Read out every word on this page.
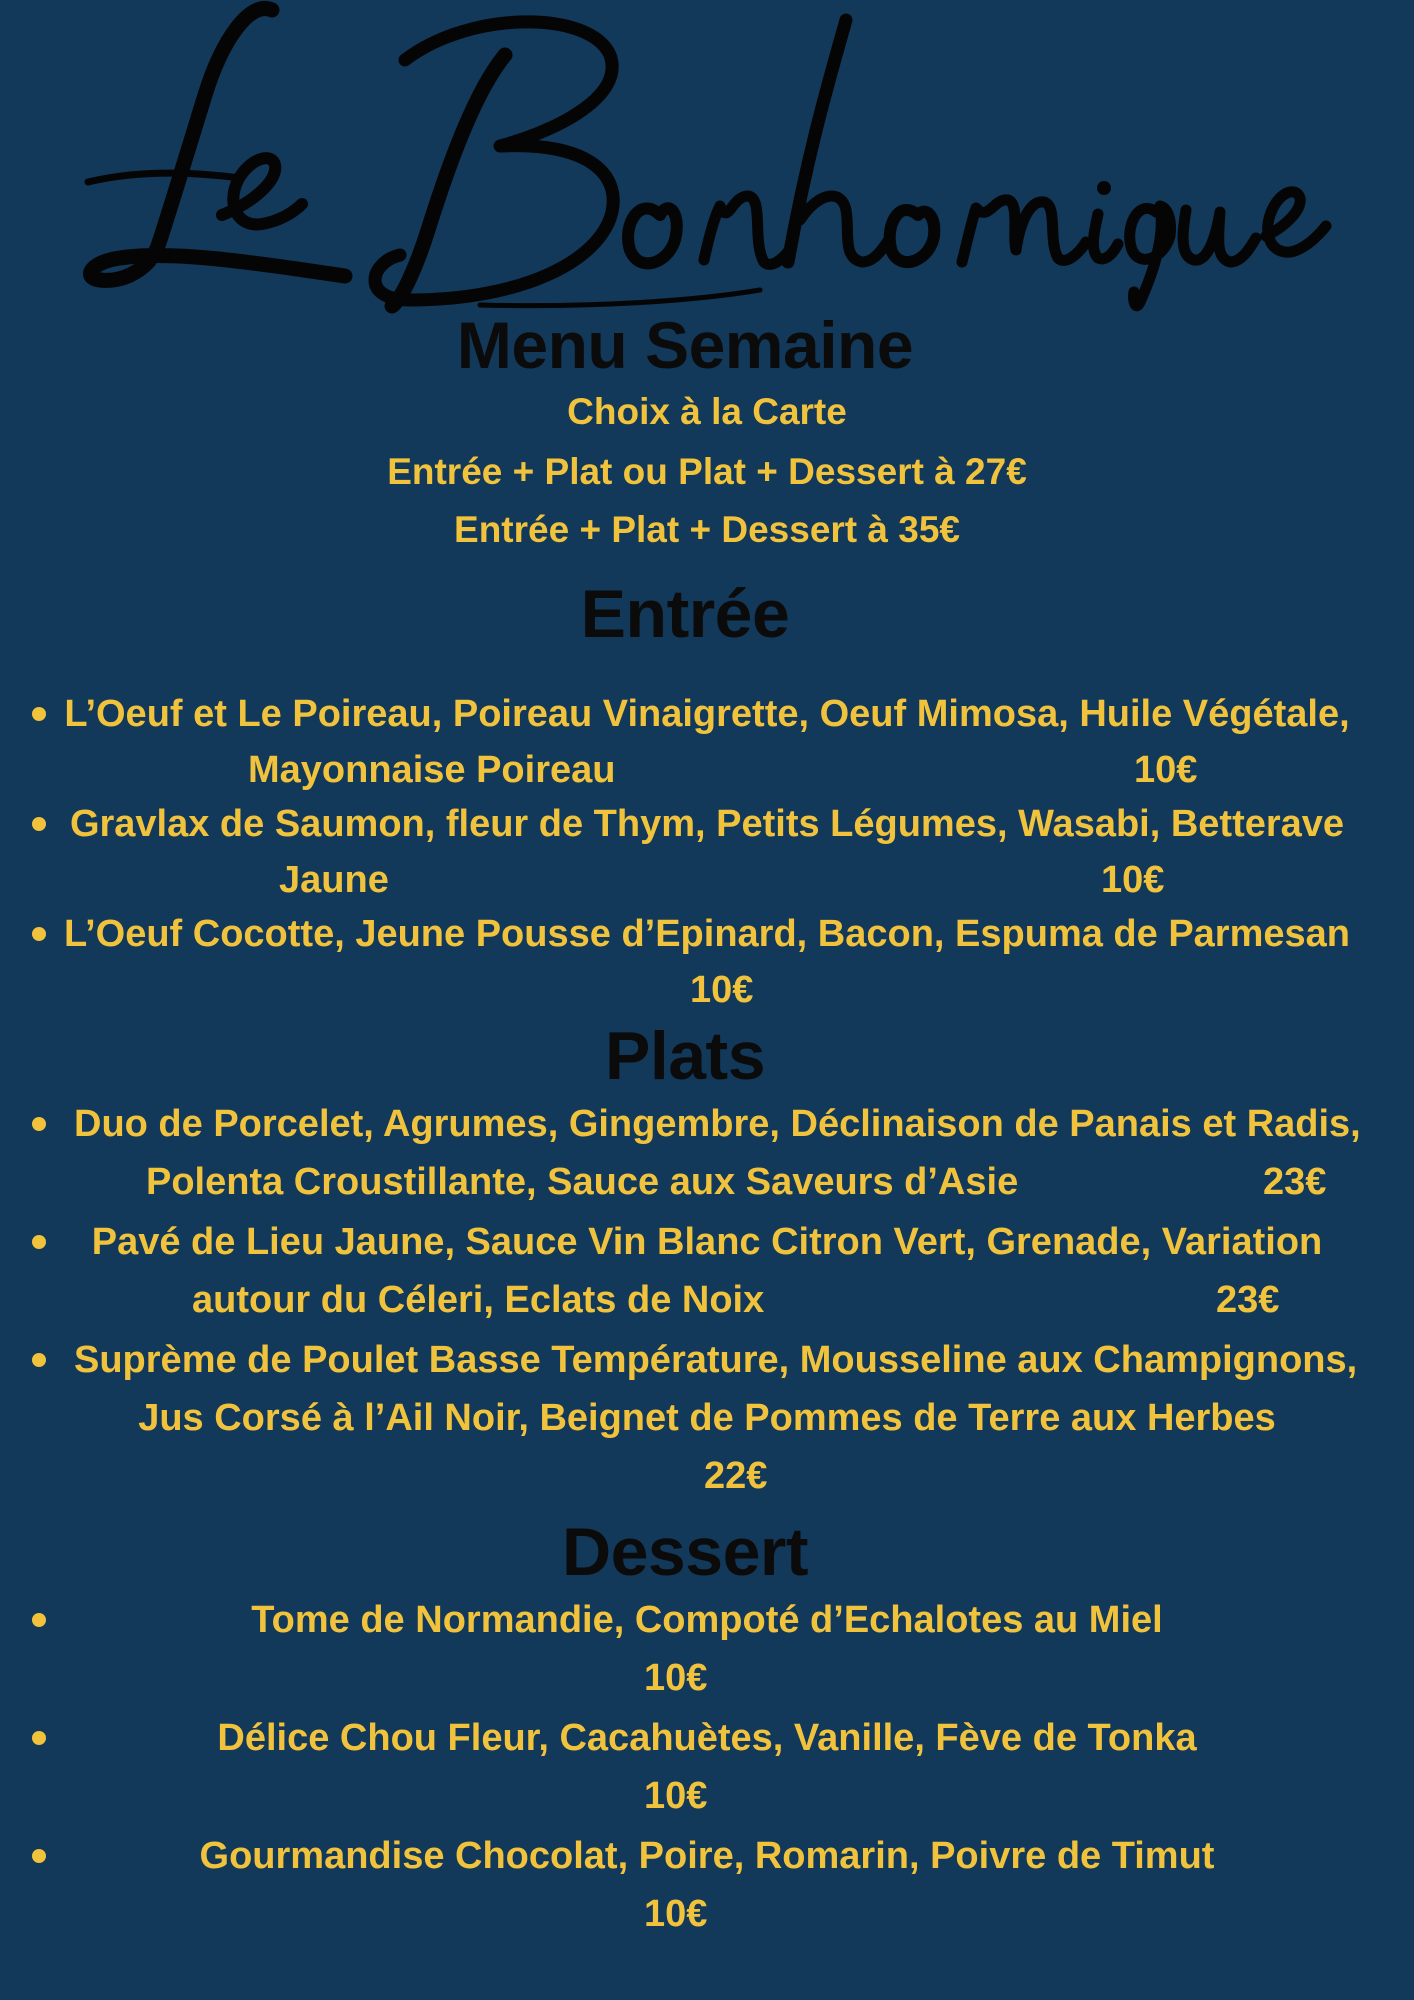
Menu Semaine

Choix à la Carte

Entrée + Plat ou Plat + Dessert à 27€

Entrée + Plat + Dessert à 35€

Entrée
L’Oeuf et Le Poireau, Poireau Vinaigrette, Oeuf Mimosa, Huile Végétale,
Mayonnaise Poireau	10€
Gravlax de Saumon, fleur de Thym, Petits Légumes, Wasabi, Betterave
Jaune	10€
L’Oeuf Cocotte, Jeune Pousse d’Epinard, Bacon, Espuma de Parmesan
10€
Plats
Duo de Porcelet, Agrumes, Gingembre, Déclinaison de Panais et Radis,
Polenta Croustillante, Sauce aux Saveurs d’Asie	23€
Pavé de Lieu Jaune, Sauce Vin Blanc Citron Vert, Grenade, Variation
autour du Céleri, Eclats de Noix	23€
Suprème de Poulet Basse Température, Mousseline aux Champignons,
Jus Corsé à l’Ail Noir, Beignet de Pommes de Terre aux Herbes
22€
Dessert
Tome de Normandie, Compoté d’Echalotes au Miel
10€
Délice Chou Fleur, Cacahuètes, Vanille, Fève de Tonka
10€
Gourmandise Chocolat, Poire, Romarin, Poivre de Timut
10€
